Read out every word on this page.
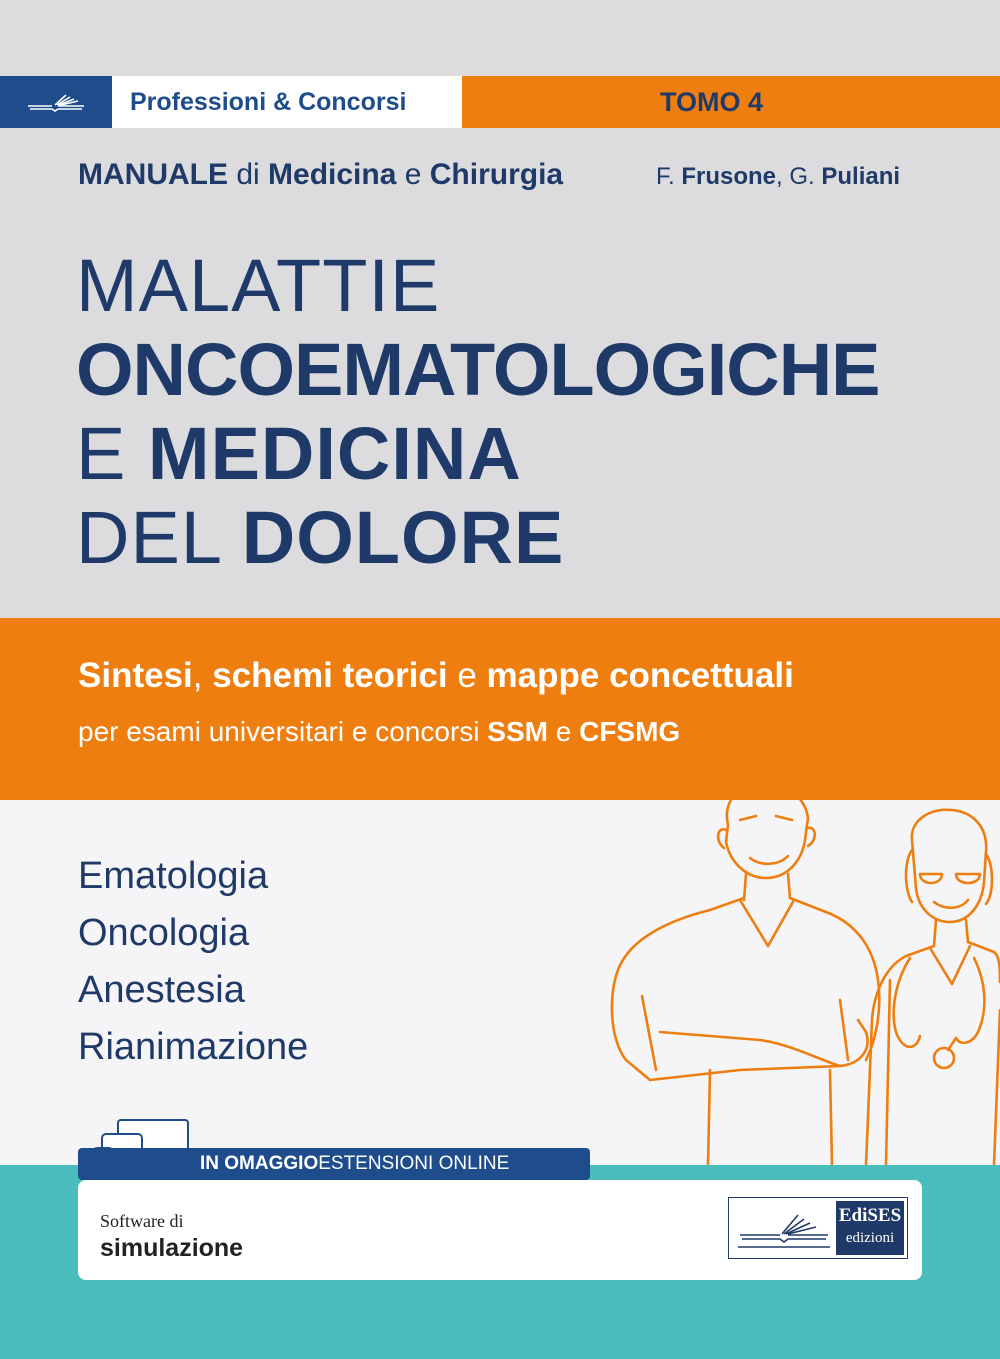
Professioni & Concorsi	TOMO 4
MANUALE di Medicina e Chirurgia	F. Frusone, G. Puliani
MALATTIE
ONCOEMATOLOGICHE
E MEDICINA
DEL DOLORE
Sintesi, schemi teorici e mappe concettuali
per esami universitari e concorsi SSM e CFSMG
Ematologia
Oncologia
Anestesia
Rianimazione
IN OMAGGIO ESTENSIONI ONLINE
Software di
simulazione
EdiSES
edizioni
